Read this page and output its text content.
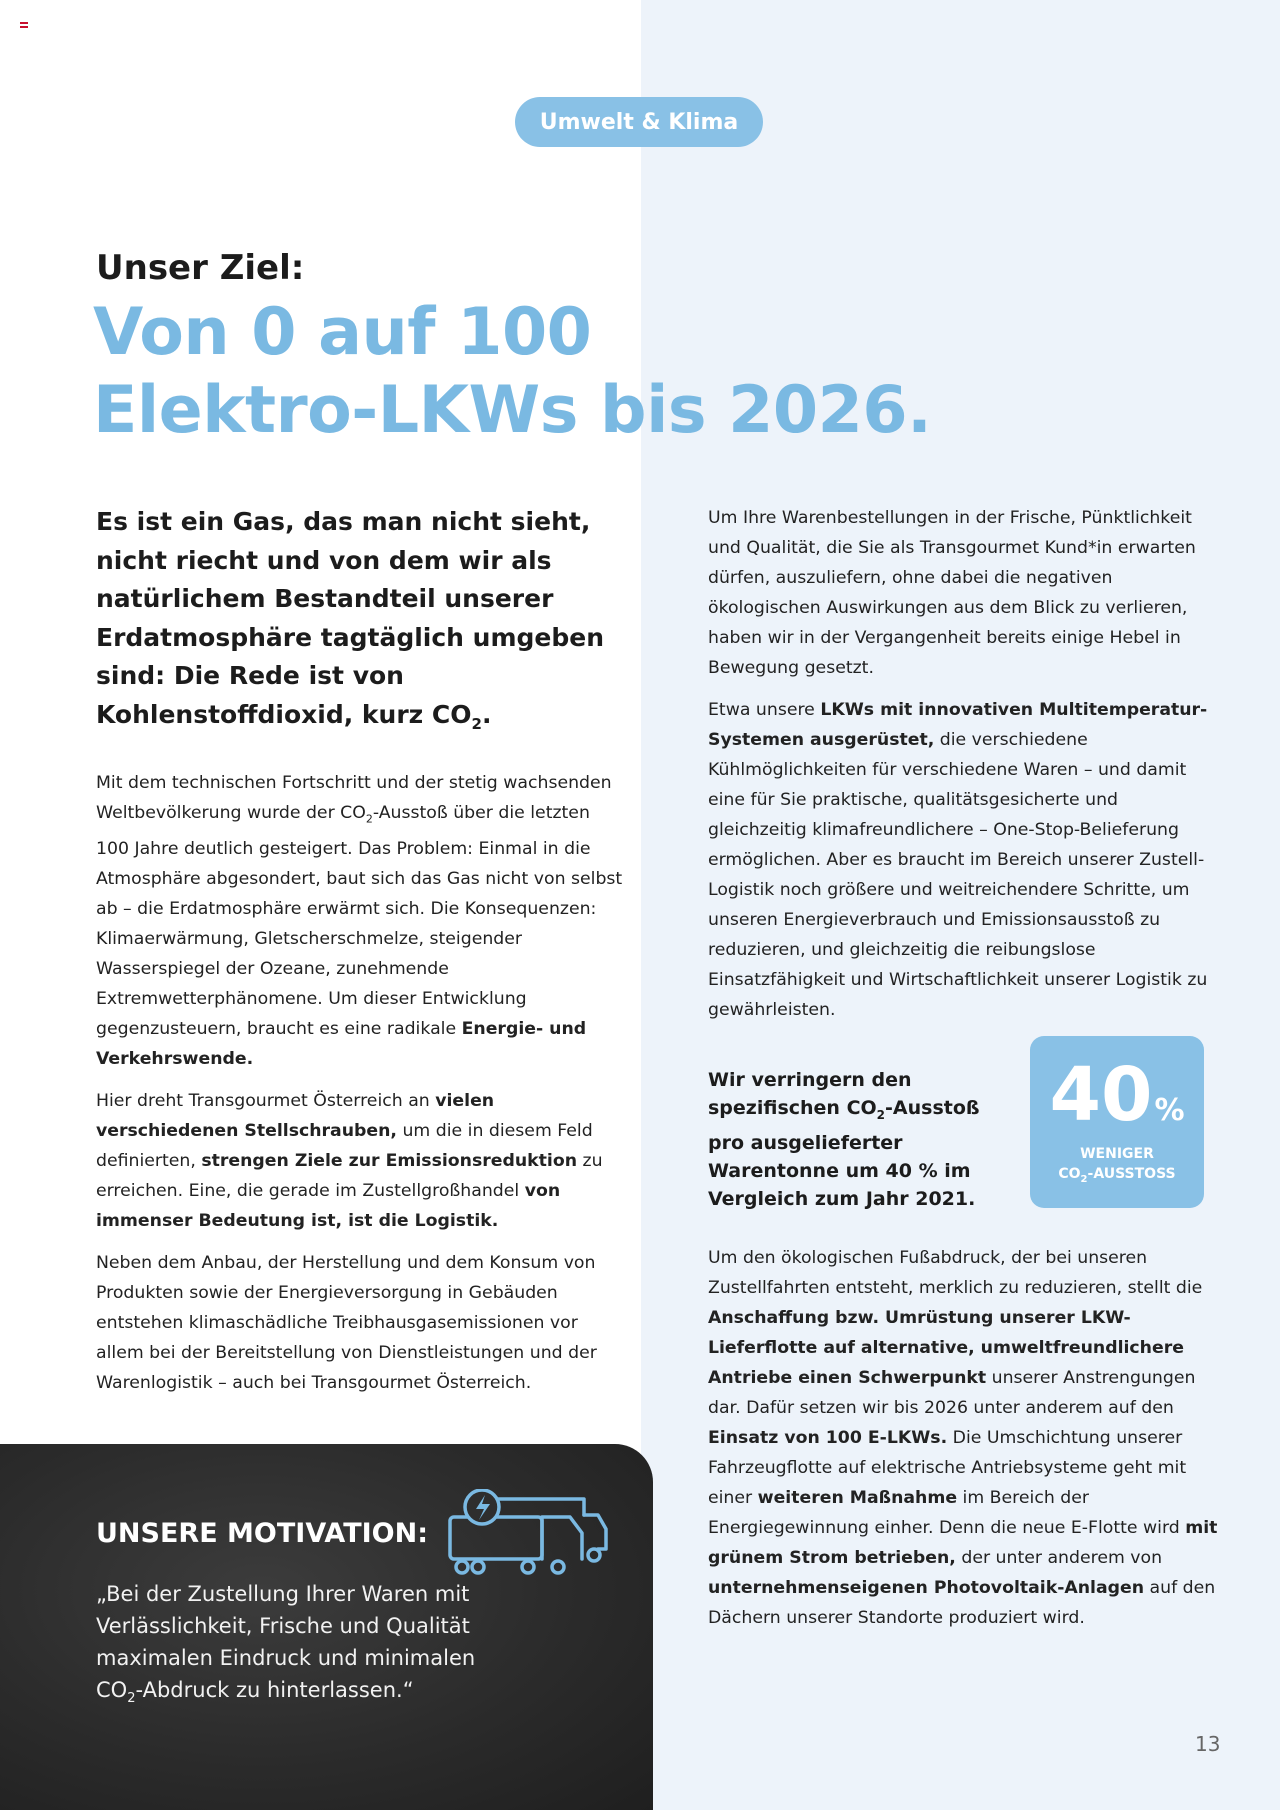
Umwelt & Klima
Unser Ziel:
Von 0 auf 100
Elektro-LKWs bis 2026.

Es ist ein Gas, das man nicht sieht, nicht riecht und von dem wir als natürlichem Bestandteil unserer Erdatmosphäre tagtäglich umgeben sind: Die Rede ist von Kohlenstoffdioxid, kurz $CO_2$.

Mit dem technischen Fortschritt und der stetig wachsenden Weltbevölkerung wurde der $CO_2$-Ausstoß über die letzten 100 Jahre deutlich gesteigert. Das Problem: Einmal in die Atmosphäre abgesondert, baut sich das Gas nicht von selbst ab – die Erdatmosphäre erwärmt sich. Die Konsequenzen: Klimaerwärmung, Gletscherschmelze, steigender Wasserspiegel der Ozeane, zunehmende Extremwetterphänomene. Um dieser Entwicklung gegenzusteuern, braucht es eine radikale Energie- und Verkehrswende.

Hier dreht Transgourmet Österreich an vielen verschiedenen Stellschrauben, um die in diesem Feld definierten, strengen Ziele zur Emissionsreduktion zu erreichen. Eine, die gerade im Zustellgroßhandel von immenser Bedeutung ist, ist die Logistik.

Neben dem Anbau, der Herstellung und dem Konsum von Produkten sowie der Energieversorgung in Gebäuden entstehen klimaschädliche Treibhausgasemissionen vor allem bei der Bereitstellung von Dienstleistungen und der Warenlogistik – auch bei Transgourmet Österreich.

Um Ihre Warenbestellungen in der Frische, Pünktlichkeit und Qualität, die Sie als Transgourmet Kund*in erwarten dürfen, auszuliefern, ohne dabei die negativen ökologischen Auswirkungen aus dem Blick zu verlieren, haben wir in der Vergangenheit bereits einige Hebel in Bewegung gesetzt.

Etwa unsere LKWs mit innovativen Multitemperatur-Systemen ausgerüstet, die verschiedene Kühlmöglichkeiten für verschiedene Waren – und damit eine für Sie praktische, qualitätsgesicherte und gleichzeitig klimafreundlichere – One-Stop-Belieferung ermöglichen. Aber es braucht im Bereich unserer Zustell-Logistik noch größere und weitreichendere Schritte, um unseren Energieverbrauch und Emissionsausstoß zu reduzieren, und gleichzeitig die reibungslose Einsatzfähigkeit und Wirtschaftlichkeit unserer Logistik zu gewährleisten.

Wir verringern den spezifischen $CO_2$-Ausstoß pro ausgelieferter Warentonne um 40 % im Vergleich zum Jahr 2021.

40%
WENIGER
$CO_2$-AUSSTOSS

Um den ökologischen Fußabdruck, der bei unseren Zustellfahrten entsteht, merklich zu reduzieren, stellt die Anschaffung bzw. Umrüstung unserer LKW-Lieferflotte auf alternative, umweltfreundlichere Antriebe einen Schwerpunkt unserer Anstrengungen dar. Dafür setzen wir bis 2026 unter anderem auf den Einsatz von 100 E-LKWs. Die Umschichtung unserer Fahrzeugflotte auf elektrische Antriebsysteme geht mit einer weiteren Maßnahme im Bereich der Energiegewinnung einher. Denn die neue E-Flotte wird mit grünem Strom betrieben, der unter anderem von unternehmenseigenen Photovoltaik-Anlagen auf den Dächern unserer Standorte produziert wird.

UNSERE MOTIVATION:

„Bei der Zustellung Ihrer Waren mit Verlässlichkeit, Frische und Qualität maximalen Eindruck und minimalen $CO_2$-Abdruck zu hinterlassen.“

13
